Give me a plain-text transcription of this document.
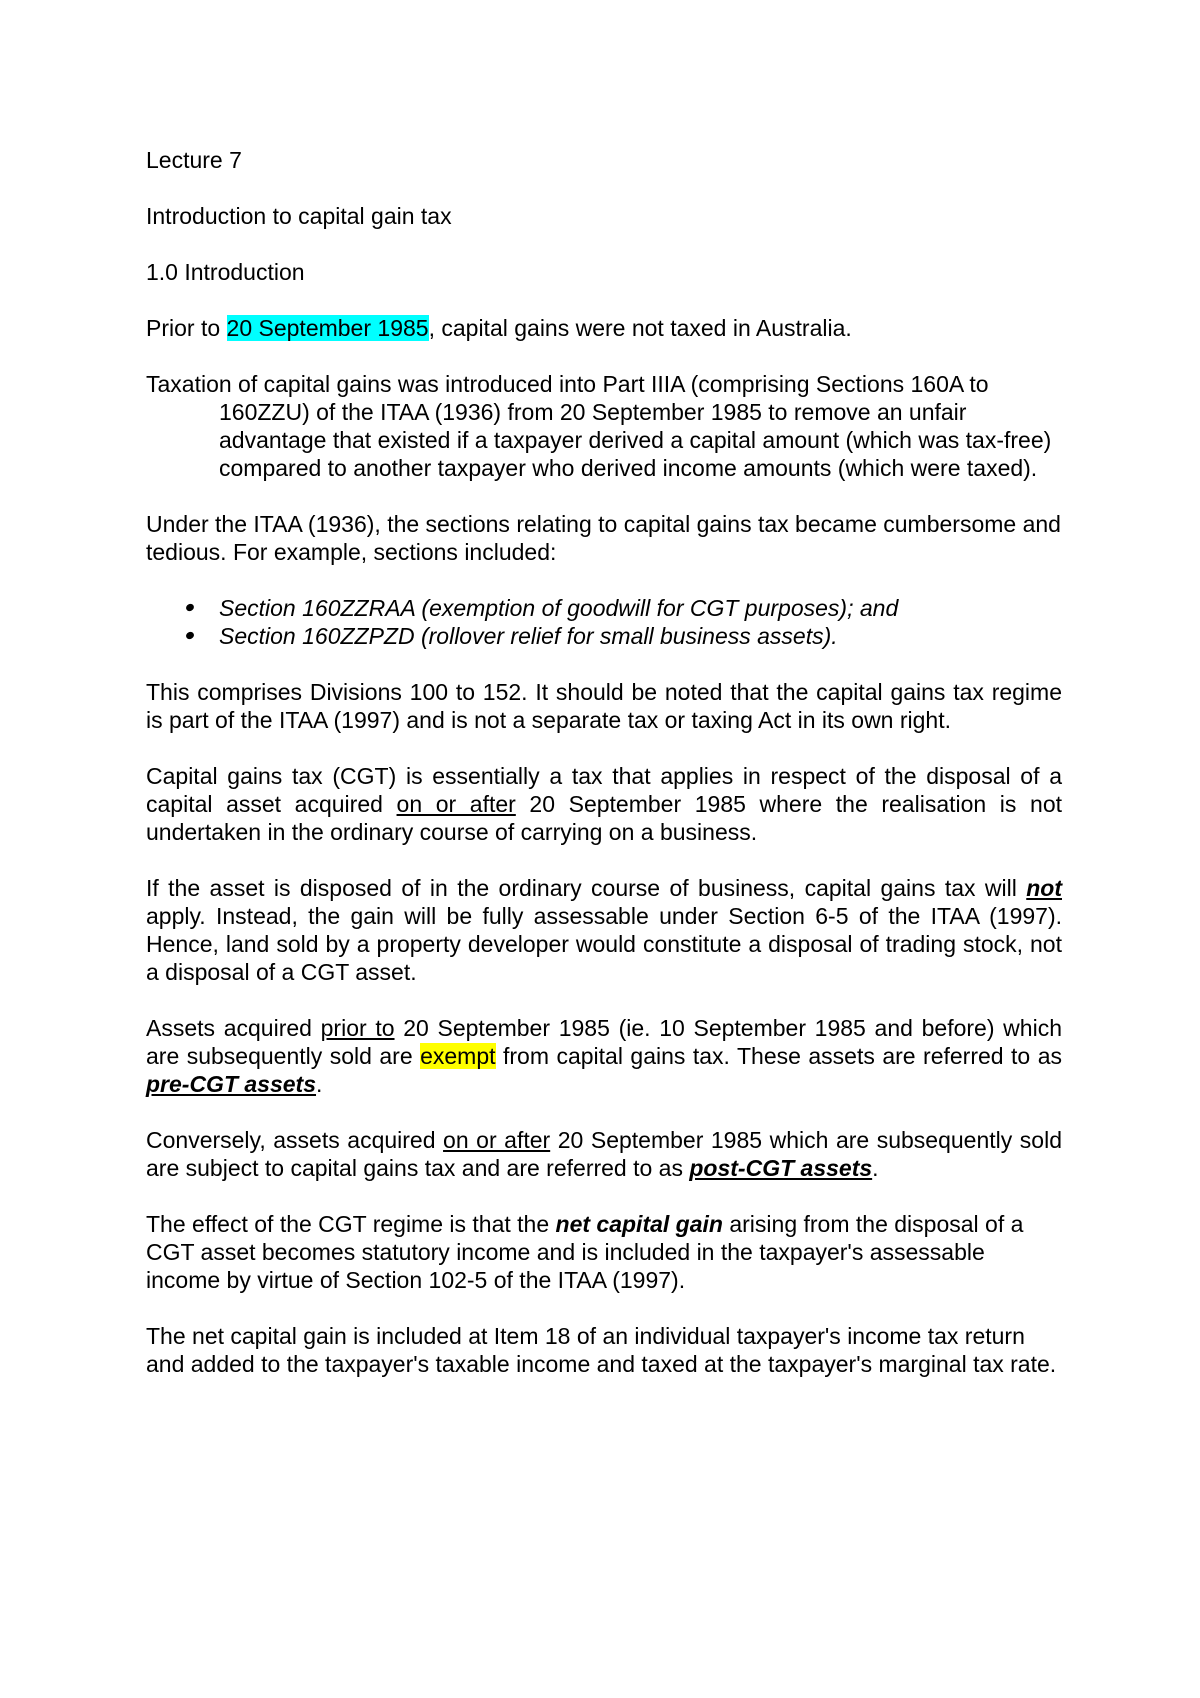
Lecture 7

Introduction to capital gain tax

1.0 Introduction

Prior to 20 September 1985, capital gains were not taxed in Australia.

Taxation of capital gains was introduced into Part IIIA (comprising Sections 160A to 160ZZU) of the ITAA (1936) from 20 September 1985 to remove an unfair advantage that existed if a taxpayer derived a capital amount (which was tax-free) compared to another taxpayer who derived income amounts (which were taxed).

Under the ITAA (1936), the sections relating to capital gains tax became cumbersome and tedious. For example, sections included:

Section 160ZZRAA (exemption of goodwill for CGT purposes); and
Section 160ZZPZD (rollover relief for small business assets).

This comprises Divisions 100 to 152. It should be noted that the capital gains tax regime is part of the ITAA (1997) and is not a separate tax or taxing Act in its own right.

Capital gains tax (CGT) is essentially a tax that applies in respect of the disposal of a capital asset acquired on or after 20 September 1985 where the realisation is not undertaken in the ordinary course of carrying on a business.

If the asset is disposed of in the ordinary course of business, capital gains tax will not apply. Instead, the gain will be fully assessable under Section 6-5 of the ITAA (1997). Hence, land sold by a property developer would constitute a disposal of trading stock, not a disposal of a CGT asset.

Assets acquired prior to 20 September 1985 (ie. 10 September 1985 and before) which are subsequently sold are exempt from capital gains tax. These assets are referred to as pre-CGT assets.

Conversely, assets acquired on or after 20 September 1985 which are subsequently sold are subject to capital gains tax and are referred to as post-CGT assets.

The effect of the CGT regime is that the net capital gain arising from the disposal of a CGT asset becomes statutory income and is included in the taxpayer's assessable income by virtue of Section 102-5 of the ITAA (1997).

The net capital gain is included at Item 18 of an individual taxpayer's income tax return and added to the taxpayer's taxable income and taxed at the taxpayer's marginal tax rate.
